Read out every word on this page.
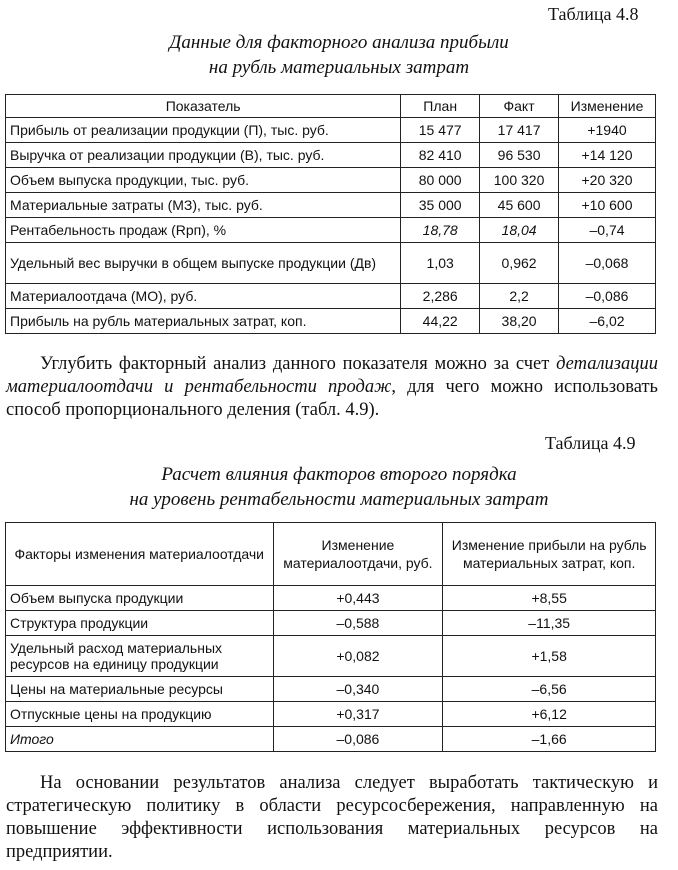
Таблица 4.8
Данные для факторного анализа прибыли
на рубль материальных затрат
Показатель	План	Факт	Изменение
Прибыль от реализации продукции (П), тыс. руб.	15 477	17 417	+1940
Выручка от реализации продукции (В), тыс. руб.	82 410	96 530	+14 120
Объем выпуска продукции, тыс. руб.	80 000	100 320	+20 320
Материальные затраты (МЗ), тыс. руб.	35 000	45 600	+10 600
Рентабельность продаж (Rрп), %	18,78	18,04	–0,74
Удельный вес выручки в общем выпуске продукции (Дв)	1,03	0,962	–0,068
Материалоотдача (МО), руб.	2,286	2,2	–0,086
Прибыль на рубль материальных затрат, коп.	44,22	38,20	–6,02
Углубить факторный анализ данного показателя можно за счет детализации материалоотдачи и рентабельности продаж, для чего можно использовать способ пропорционального деления (табл. 4.9).
Таблица 4.9
Расчет влияния факторов второго порядка
на уровень рентабельности материальных затрат
Факторы изменения материалоотдачи	Изменение материалоотдачи, руб.	Изменение прибыли на рубль материальных затрат, коп.
Объем выпуска продукции	+0,443	+8,55
Структура продукции	–0,588	–11,35
Удельный расход материальных ресурсов на единицу продукции	+0,082	+1,58
Цены на материальные ресурсы	–0,340	–6,56
Отпускные цены на продукцию	+0,317	+6,12
Итого	–0,086	–1,66

На основании результатов анализа следует выработать тактическую и стратегическую политику в области ресурсосбережения, направленную на повышение эффективности использования материальных ресурсов на предприятии.
